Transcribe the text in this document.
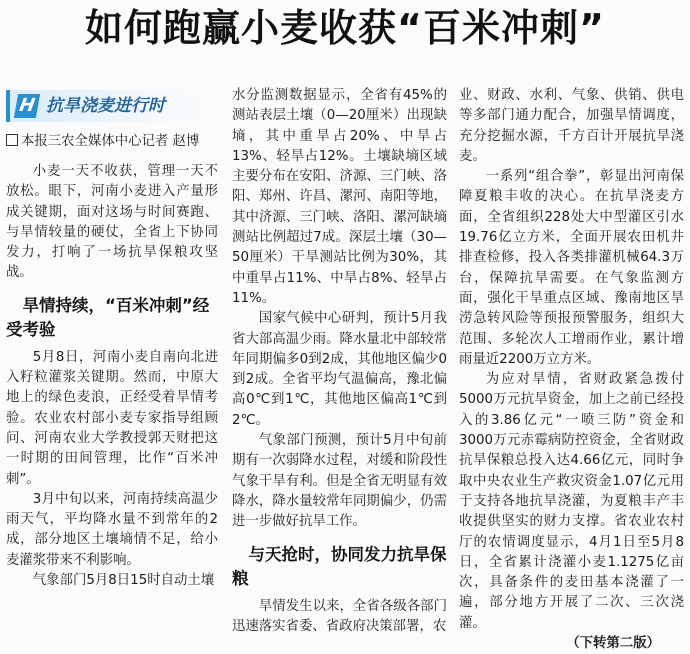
如何跑赢小麦收获“百米冲刺”
H 抗旱浇麦进行时
本报三农全媒体中心记者 赵博

小麦一天不收获，管理一天不放松。眼下，河南小麦进入产量形成关键期，面对这场与时间赛跑、与旱情较量的硬仗，全省上下协同发力，打响了一场抗旱保粮攻坚战。

旱情持续，“百米冲刺”经受考验

5月8日，河南小麦自南向北进入籽粒灌浆关键期。然而，中原大地上的绿色麦浪，正经受着旱情考验。农业农村部小麦专家指导组顾问、河南农业大学教授郭天财把这一时期的田间管理，比作“百米冲刺”。

3月中旬以来，河南持续高温少雨天气，平均降水量不到常年的2成，部分地区土壤墒情不足，给小麦灌浆带来不利影响。

气象部门5月8日15时自动土壤

水分监测数据显示，全省有45%的测站表层土壤（0—20厘米）出现缺墒，其中重旱占20%、中旱占13%、轻旱占12%。土壤缺墒区域主要分布在安阳、济源、三门峡、洛阳、郑州、许昌、漯河、南阳等地，其中济源、三门峡、洛阳、漯河缺墒测站比例超过7成。深层土壤（30—50厘米）干旱测站比例为30%，其中重旱占11%、中旱占8%、轻旱占11%。

国家气候中心研判，预计5月我省大部高温少雨。降水量北中部较常年同期偏多0到2成，其他地区偏少0到2成。全省平均气温偏高，豫北偏高0℃到1℃，其他地区偏高1℃到2℃。

气象部门预测，预计5月中旬前期有一次弱降水过程，对缓和阶段性气象干旱有利。但是全省无明显有效降水，降水量较常年同期偏少，仍需进一步做好抗旱工作。

与天抢时，协同发力抗旱保粮

旱情发生以来，全省各级各部门迅速落实省委、省政府决策部署，农

业、财政、水利、气象、供销、供电等多部门通力配合，加强旱情调度，充分挖掘水源，千方百计开展抗旱浇麦。

一系列“组合拳”，彰显出河南保障夏粮丰收的决心。在抗旱浇麦方面，全省组织228处大中型灌区引水19.76亿立方米，全面开展农田机井排查检修，投入各类排灌机械64.3万台，保障抗旱需要。在气象监测方面，强化干旱重点区域、豫南地区旱涝急转风险等预报预警服务，组织大范围、多轮次人工增雨作业，累计增雨量近2200万立方米。

为应对旱情，省财政紧急拨付5000万元抗旱资金，加上之前已经投入的3.86亿元“一喷三防”资金和3000万元赤霉病防控资金，全省财政抗旱保粮总投入达4.66亿元，同时争取中央农业生产救灾资金1.07亿元用于支持各地抗旱浇灌，为夏粮丰产丰收提供坚实的财力支撑。省农业农村厅的农情调度显示，4月1日至5月8日，全省累计浇灌小麦1.1275亿亩次，具备条件的麦田基本浇灌了一遍，部分地方开展了二次、三次浇灌。

（下转第二版）
